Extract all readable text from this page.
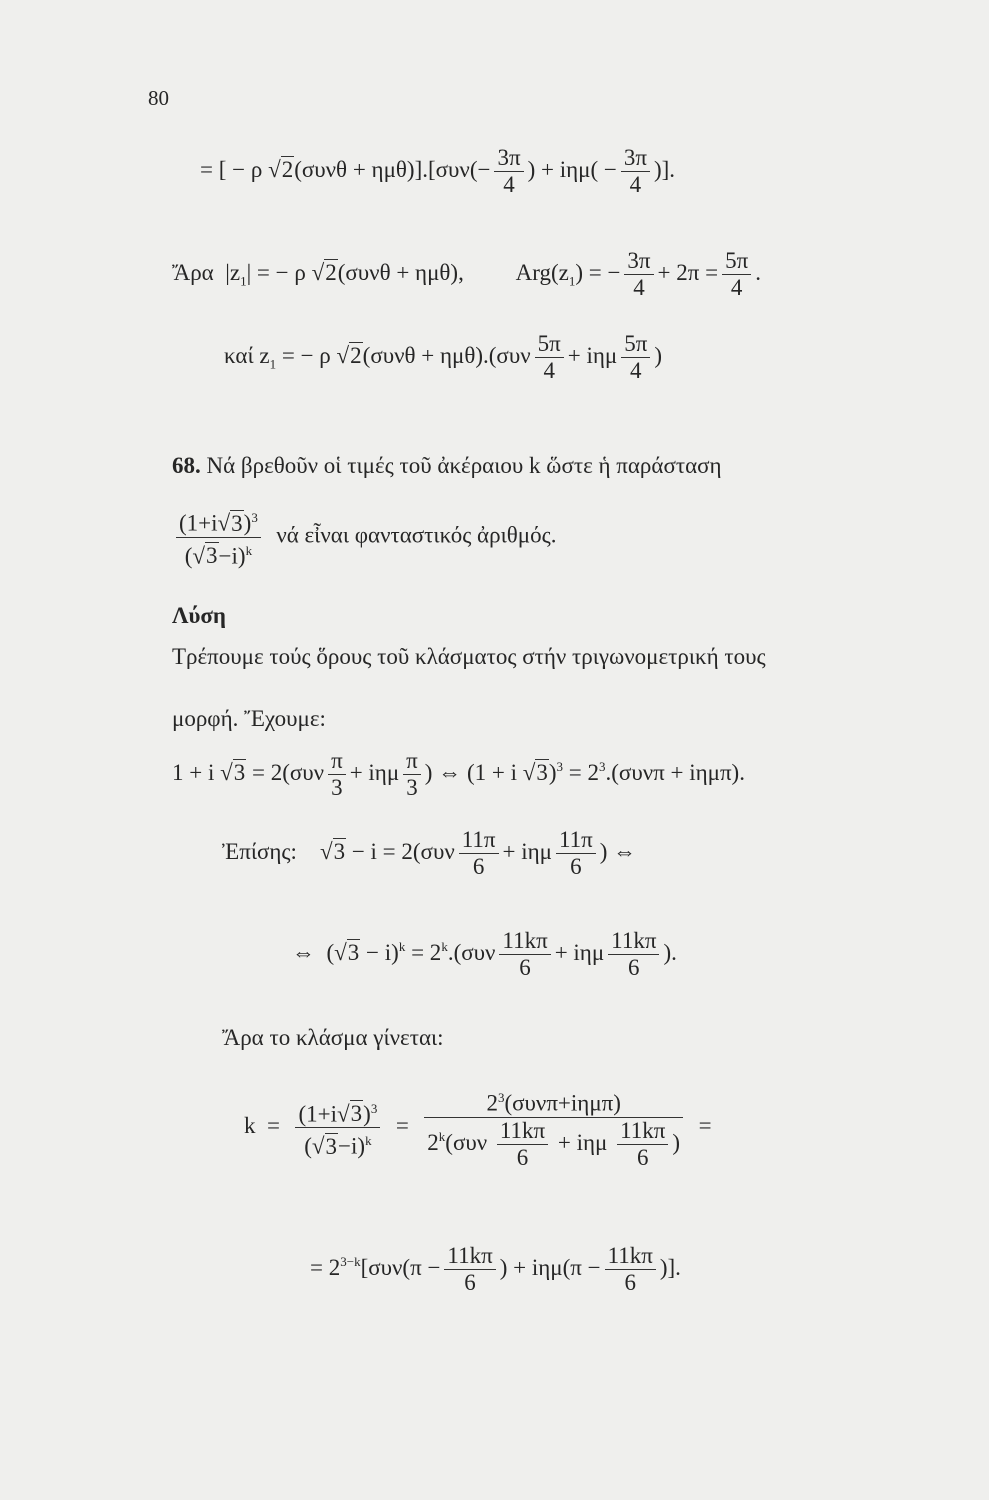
80
= [ − ρ $√2(\sigma\upsilon\nu\theta + \eta\mu\theta)].[\sigma\upsilon\nu(- \frac{3\pi}{4}$ ) + $i\eta\mu( - \frac{3\pi}{4}$ )].
Ἄρα  $|z_1|$ = − ρ √2(συνθ + ημθ),         $Arg(z_1)$ = − $\frac{3\pi}{4} + 2\pi = \frac{5\pi}{4}$ .
καί $z_1$ = − ρ $√2(\sigma\upsilon\nu\theta + \eta\mu\theta).(\sigma\upsilon\nu \frac{5\pi}{4} + i\eta\mu \frac{5\pi}{4}$ )
68. Νά βρεθοῦν οἱ τιμές τοῦ ἀκέραιου k ὥστε ἡ παράσταση
$\frac{(1+i√3)^3}{(√3-i)^k}$ νά εἶναι φανταστικός ἀριθμός.
Λύση
Τρέπουμε τούς ὅρους τοῦ κλάσματος στήν τριγωνομετρική τους
μορφή. Ἔχουμε:
1 + i $√3 = 2(\sigma\upsilon\nu \frac{\pi}{3} + i\eta\mu \frac{\pi}{3}$ ) ⇔ (1 + i $√3)^3 = 2^3.(\sigma\upsilon\nu\pi + i\eta\mu\pi)$.
Ἐπίσης:    $√3 - i = 2(\sigma\upsilon\nu \frac{11\pi}{6} + i\eta\mu \frac{11\pi}{6}$ ) ⇔
⇔  $(√3 - i)^k = 2^k.(\sigma\upsilon\nu \frac{11k\pi}{6} + i\eta\mu \frac{11k\pi}{6}$ ).
Ἄρα το κλάσμα γίνεται:
$k = \frac{(1+i√3)^3}{(√3-i)^k} = \frac{2^3(\sigma\upsilon\nu\pi+i\eta\mu\pi)}{2^k(\sigma\upsilon\nu \frac{11k\pi}{6} + i\eta\mu \frac{11k\pi}{6} )}$ =
= $2^{3-k}[\sigma\upsilon\nu(\pi - \frac{11k\pi}{6}$ ) + $i\eta\mu(\pi - \frac{11k\pi}{6}$ )].
